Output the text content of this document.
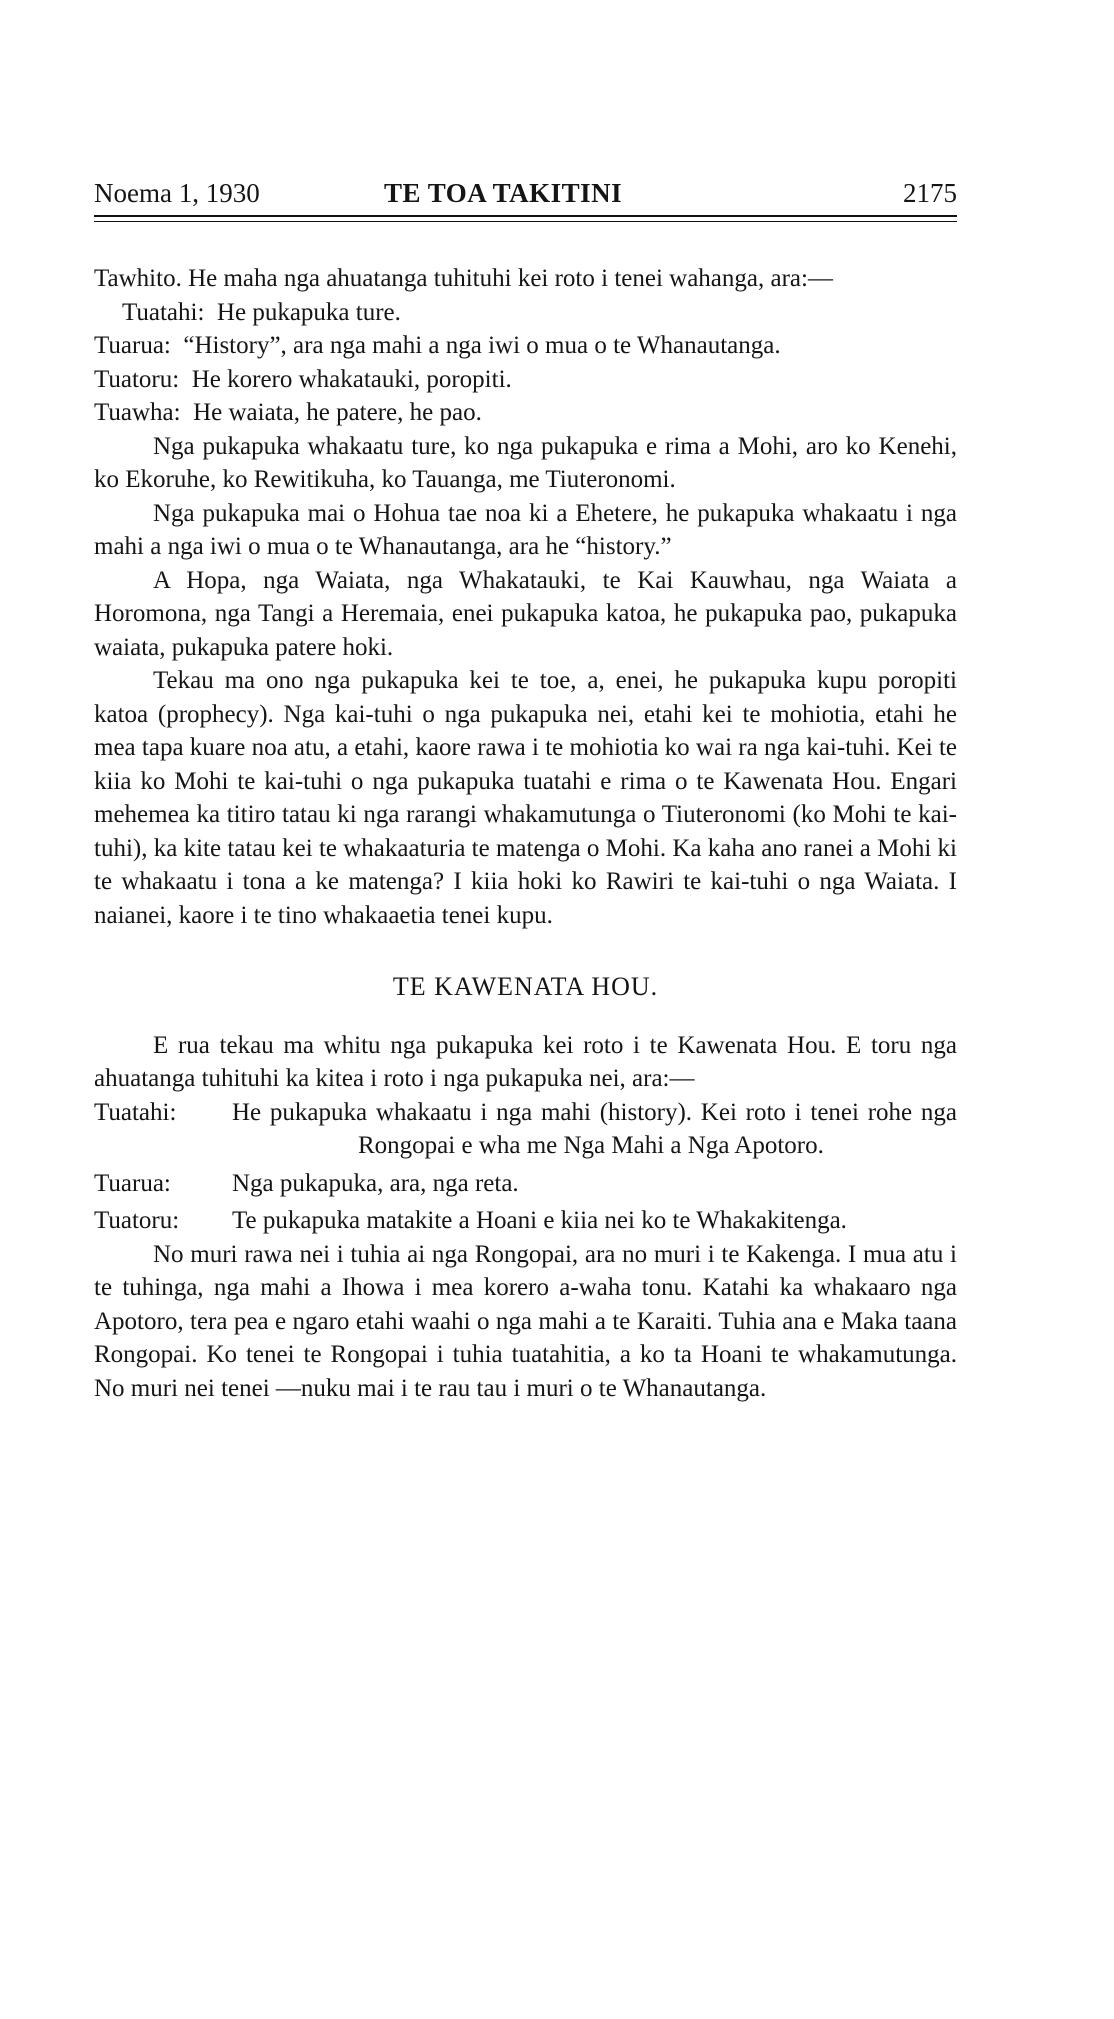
Noema 1, 1930	TE TOA TAKITINI	2175

Tawhito. He maha nga ahuatanga tuhituhi kei roto i tenei wahanga, ara:—

Tuatahi:
He pukapuka ture.
Tuarua:
“History”, ara nga mahi a nga iwi o mua o te Whanautanga.
Tuatoru:
He korero whakatauki, poropiti.
Tuawha:
He waiata, he patere, he pao.

Nga pukapuka whakaatu ture, ko nga pukapuka e rima a Mohi, aro ko Kenehi, ko Ekoruhe, ko Rewitikuha, ko Tauanga, me Tiuteronomi.

Nga pukapuka mai o Hohua tae noa ki a Ehetere, he pukapuka whakaatu i nga mahi a nga iwi o mua o te Whanautanga, ara he “history.”

A Hopa, nga Waiata, nga Whakatauki, te Kai Kauwhau, nga Waiata a Horomona, nga Tangi a Heremaia, enei pukapuka katoa, he pukapuka pao, pukapuka waiata, pukapuka patere hoki.

Tekau ma ono nga pukapuka kei te toe, a, enei, he pukapuka kupu poropiti katoa (prophecy). Nga kai-tuhi o nga pukapuka nei, etahi kei te mohiotia, etahi he mea tapa kuare noa atu, a etahi, kaore rawa i te mohiotia ko wai ra nga kai-tuhi. Kei te kiia ko Mohi te kai-tuhi o nga pukapuka tuatahi e rima o te Kawenata Hou. Engari mehemea ka titiro tatau ki nga rarangi whakamutunga o Tiuteronomi (ko Mohi te kai-tuhi), ka kite tatau kei te whakaaturia te matenga o Mohi. Ka kaha ano ranei a Mohi ki te whakaatu i tona a ke matenga? I kiia hoki ko Rawiri te kai-tuhi o nga Waiata. I naianei, kaore i te tino whakaaetia tenei kupu.

TE KAWENATA HOU.

E rua tekau ma whitu nga pukapuka kei roto i te Kawenata Hou. E toru nga ahuatanga tuhituhi ka kitea i roto i nga pukapuka nei, ara:—

Tuatahi:	He pukapuka whakaatu i nga mahi (history). Kei roto i tenei rohe nga Rongopai e wha me Nga Mahi a Nga Apotoro.
Tuarua:	Nga pukapuka, ara, nga reta.
Tuatoru:	Te pukapuka matakite a Hoani e kiia nei ko te Whakakitenga.

No muri rawa nei i tuhia ai nga Rongopai, ara no muri i te Kakenga. I mua atu i te tuhinga, nga mahi a Ihowa i mea korero a-waha tonu. Katahi ka whakaaro nga Apotoro, tera pea e ngaro etahi waahi o nga mahi a te Karaiti. Tuhia ana e Maka taana Rongopai. Ko tenei te Rongopai i tuhia tuatahitia, a ko ta Hoani te whakamutunga. No muri nei tenei —nuku mai i te rau tau i muri o te Whanautanga.
